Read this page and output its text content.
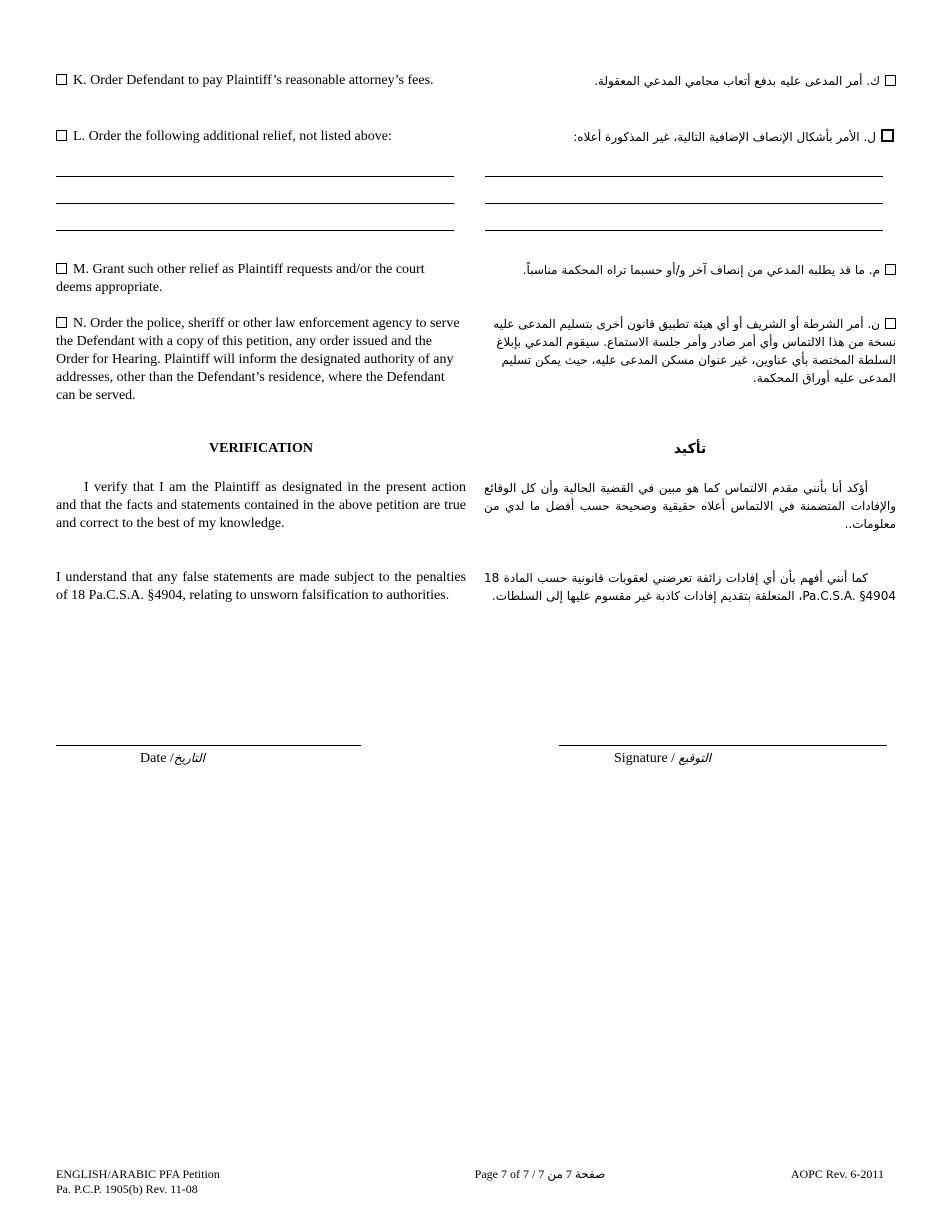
K. Order Defendant to pay Plaintiff’s reasonable attorney’s fees.	ك. أمر المدعى عليه بدفع أتعاب محامي المدعي المعقولة.
L. Order the following additional relief, not listed above:	ل. الأمر بأشكال الإنصاف الإضافية التالية، غير المذكورة أعلاه:
M. Grant such other relief as Plaintiff requests and/or the court deems appropriate.
م. ما قد يطلبه المدعي من إنصاف آخر و/أو حسبما تراه المحكمة مناسباً.
N. Order the police, sheriff or other law enforcement agency to serve the Defendant with a copy of this petition, any order issued and the Order for Hearing. Plaintiff will inform the designated authority of any addresses, other than the Defendant’s residence, where the Defendant can be served.
ن. أمر الشرطة أو الشريف أو أي هيئة تطبيق قانون أخرى بتسليم المدعى عليه نسخة من هذا الالتماس وأي أمر صادر وأمر جلسة الاستماع. سيقوم المدعي بإبلاغ السلطة المختصة بأي عناوين، غير عنوان مسكن المدعى عليه، حيث يمكن تسليم المدعى عليه أوراق المحكمة.
VERIFICATION	تأكيد
I verify that I am the Plaintiff as designated in the present action and that the facts and statements contained in the above petition are true and correct to the best of my knowledge.
أؤكد أنا بأنني مقدم الالتماس كما هو مبين في القضية الحالية وأن كل الوقائع والإفادات المتضمنة في الالتماس أعلاه حقيقية وصحيحة حسب أفضل ما لدي من معلومات..
I understand that any false statements are made subject to the penalties of 18 Pa.C.S.A. §4904, relating to unsworn falsification to authorities.
كما أنني أفهم بأن أي إفادات زائفة تعرضني لعقوبات قانونية حسب المادة 18 Pa.C.S.A. §4904، المتعلقة بتقديم إفادات كاذبة غير مقسوم عليها إلى السلطات.
Date /التاريخ	Signature / التوقيع
ENGLISH/ARABIC PFA Petition
Pa. P.C.P. 1905(b) Rev. 11-08
Page 7 of 7 / صفحة 7 من 7	AOPC Rev. 6-2011
